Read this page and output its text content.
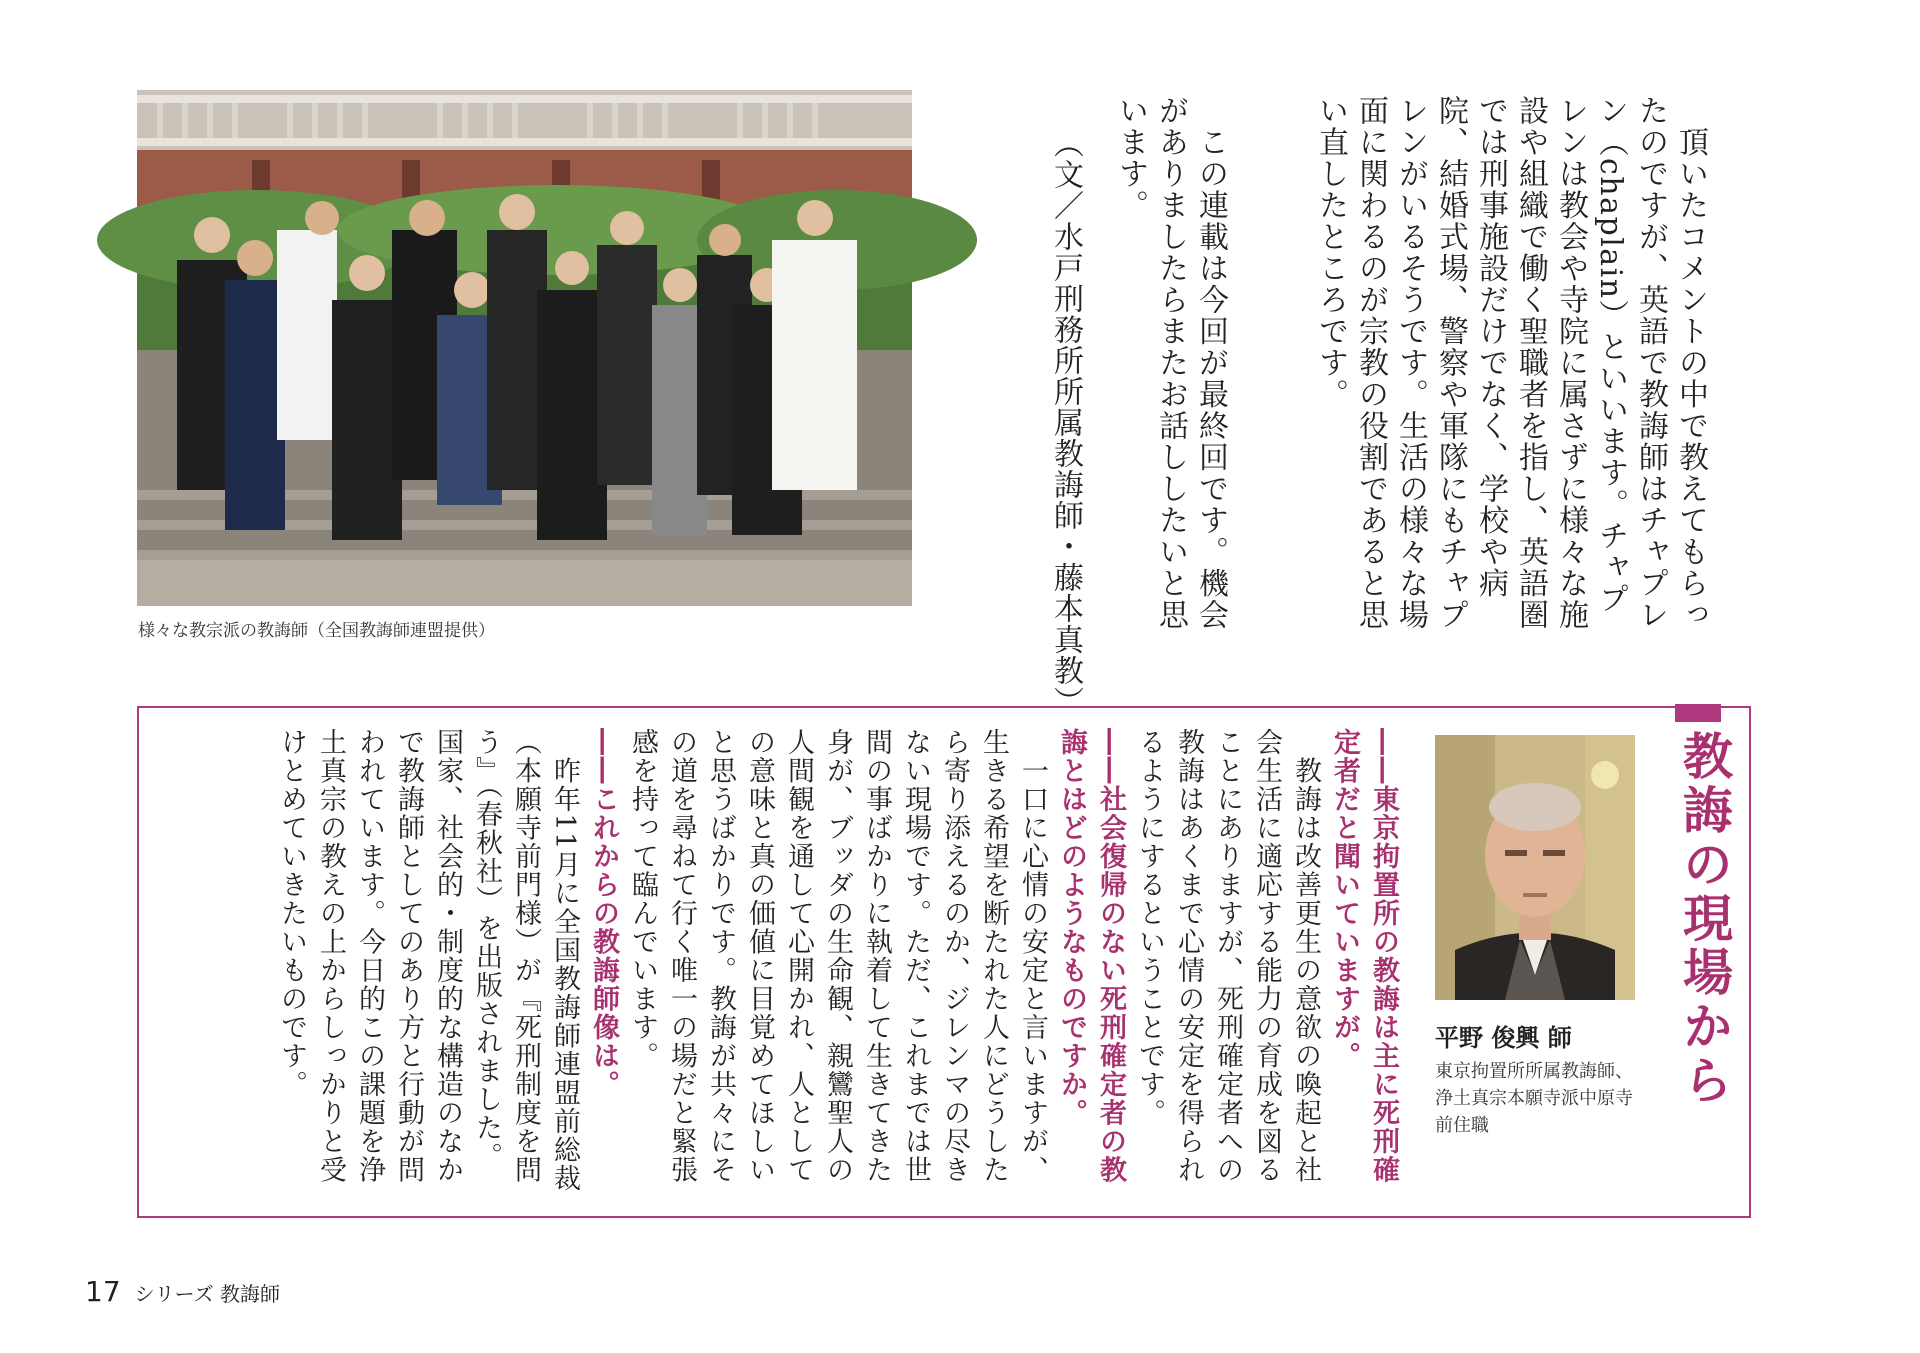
　頂いたコメントの中で教えてもらったのですが、英語で教誨師はチャプレン（chaplain）といいます。チャプレンは教会や寺院に属さずに様々な施設や組織で働く聖職者を指し、英語圏では刑事施設だけでなく、学校や病院、結婚式場、警察や軍隊にもチャプレンがいるそうです。生活の様々な場面に関わるのが宗教の役割であると思い直したところです。

　この連載は今回が最終回です。機会がありましたらまたお話ししたいと思います。

（文／水戸刑務所所属教誨師・藤本真教）
様々な教宗派の教誨師（全国教誨師連盟提供）
教誨の現場から
平野 俊興 師
東京拘置所所属教誨師、浄土真宗本願寺派中原寺前住職

――東京拘置所の教誨は主に死刑確定者だと聞いていますが。

　教誨は改善更生の意欲の喚起と社会生活に適応する能力の育成を図ることにありますが、死刑確定者への教誨はあくまで心情の安定を得られるようにするということです。

――社会復帰のない死刑確定者の教誨とはどのようなものですか。

　一口に心情の安定と言いますが、生きる希望を断たれた人にどうしたら寄り添えるのか、ジレンマの尽きない現場です。ただ、これまでは世間の事ばかりに執着して生きてきた身が、ブッダの生命観、親鸞聖人の人間観を通して心開かれ、人としての意味と真の価値に目覚めてほしいと思うばかりです。教誨が共々にその道を尋ねて行く唯一の場だと緊張感を持って臨んでいます。

――これからの教誨師像は。

　昨年11月に全国教誨師連盟前総裁（本願寺前門様）が『死刑制度を問う』（春秋社）を出版されました。国家、社会的・制度的な構造のなかで教誨師としてのあり方と行動が問われています。今日的この課題を浄土真宗の教えの上からしっかりと受けとめていきたいものです。

17 シリーズ 教誨師
